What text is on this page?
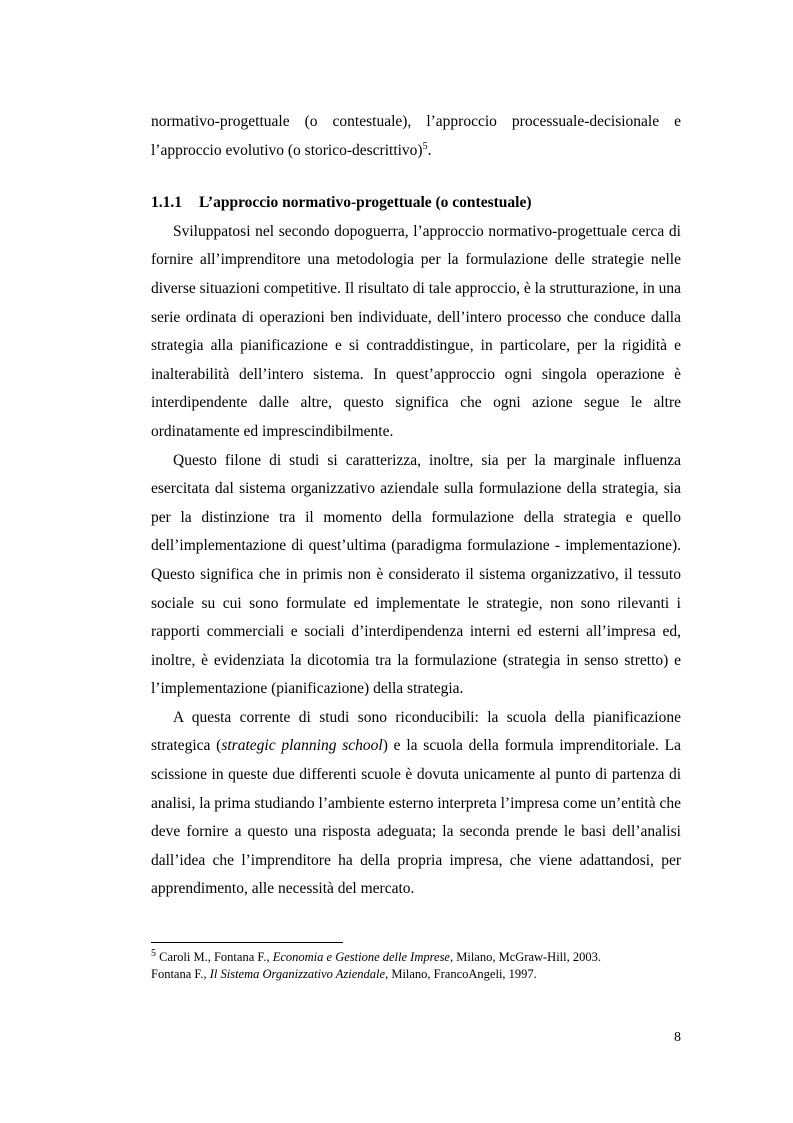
normativo-progettuale (o contestuale), l’approccio processuale-decisionale e l’approccio evolutivo (o storico-descrittivo)$^5$.

1.1.1 L’approccio normativo-progettuale (o contestuale)

Sviluppatosi nel secondo dopoguerra, l’approccio normativo-progettuale cerca di fornire all’imprenditore una metodologia per la formulazione delle strategie nelle diverse situazioni competitive. Il risultato di tale approccio, è la strutturazione, in una serie ordinata di operazioni ben individuate, dell’intero processo che conduce dalla strategia alla pianificazione e si contraddistingue, in particolare, per la rigidità e inalterabilità dell’intero sistema. In quest’approccio ogni singola operazione è interdipendente dalle altre, questo significa che ogni azione segue le altre ordinatamente ed imprescindibilmente.

Questo filone di studi si caratterizza, inoltre, sia per la marginale influenza esercitata dal sistema organizzativo aziendale sulla formulazione della strategia, sia per la distinzione tra il momento della formulazione della strategia e quello dell’implementazione di quest’ultima (paradigma formulazione - implementazione). Questo significa che in primis non è considerato il sistema organizzativo, il tessuto sociale su cui sono formulate ed implementate le strategie, non sono rilevanti i rapporti commerciali e sociali d’interdipendenza interni ed esterni all’impresa ed, inoltre, è evidenziata la dicotomia tra la formulazione (strategia in senso stretto) e l’implementazione (pianificazione) della strategia.

A questa corrente di studi sono riconducibili: la scuola della pianificazione strategica (strategic planning school) e la scuola della formula imprenditoriale. La scissione in queste due differenti scuole è dovuta unicamente al punto di partenza di analisi, la prima studiando l’ambiente esterno interpreta l’impresa come un’entità che deve fornire a questo una risposta adeguata; la seconda prende le basi dell’analisi dall’idea che l’imprenditore ha della propria impresa, che viene adattandosi, per apprendimento, alle necessità del mercato.

$^5$ Caroli M., Fontana F., Economia e Gestione delle Imprese, Milano, McGraw-Hill, 2003.

Fontana F., Il Sistema Organizzativo Aziendale, Milano, FrancoAngeli, 1997.

8
